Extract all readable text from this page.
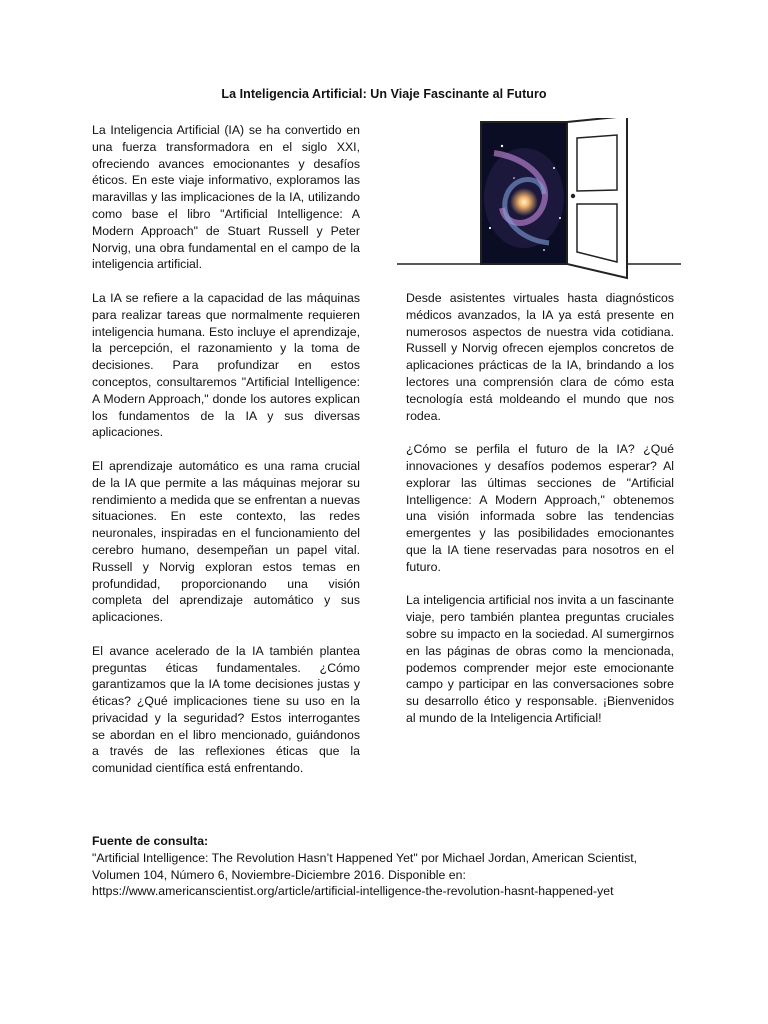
La Inteligencia Artificial: Un Viaje Fascinante al Futuro

La Inteligencia Artificial (IA) se ha convertido en una fuerza transformadora en el siglo XXI, ofreciendo avances emocionantes y desafíos éticos. En este viaje informativo, exploramos las maravillas y las implicaciones de la IA, utilizando como base el libro "Artificial Intelligence: A Modern Approach" de Stuart Russell y Peter Norvig, una obra fundamental en el campo de la inteligencia artificial.

La IA se refiere a la capacidad de las máquinas para realizar tareas que normalmente requieren inteligencia humana. Esto incluye el aprendizaje, la percepción, el razonamiento y la toma de decisiones. Para profundizar en estos conceptos, consultaremos "Artificial Intelligence: A Modern Approach," donde los autores explican los fundamentos de la IA y sus diversas aplicaciones.

El aprendizaje automático es una rama crucial de la IA que permite a las máquinas mejorar su rendimiento a medida que se enfrentan a nuevas situaciones. En este contexto, las redes neuronales, inspiradas en el funcionamiento del cerebro humano, desempeñan un papel vital. Russell y Norvig exploran estos temas en profundidad, proporcionando una visión completa del aprendizaje automático y sus aplicaciones.

El avance acelerado de la IA también plantea preguntas éticas fundamentales. ¿Cómo garantizamos que la IA tome decisiones justas y éticas? ¿Qué implicaciones tiene su uso en la privacidad y la seguridad? Estos interrogantes se abordan en el libro mencionado, guiándonos a través de las reflexiones éticas que la comunidad científica está enfrentando.

Desde asistentes virtuales hasta diagnósticos médicos avanzados, la IA ya está presente en numerosos aspectos de nuestra vida cotidiana. Russell y Norvig ofrecen ejemplos concretos de aplicaciones prácticas de la IA, brindando a los lectores una comprensión clara de cómo esta tecnología está moldeando el mundo que nos rodea.

¿Cómo se perfila el futuro de la IA? ¿Qué innovaciones y desafíos podemos esperar? Al explorar las últimas secciones de "Artificial Intelligence: A Modern Approach," obtenemos una visión informada sobre las tendencias emergentes y las posibilidades emocionantes que la IA tiene reservadas para nosotros en el futuro.

La inteligencia artificial nos invita a un fascinante viaje, pero también plantea preguntas cruciales sobre su impacto en la sociedad. Al sumergirnos en las páginas de obras como la mencionada, podemos comprender mejor este emocionante campo y participar en las conversaciones sobre su desarrollo ético y responsable. ¡Bienvenidos al mundo de la Inteligencia Artificial!

Fuente de consulta:
"Artificial Intelligence: The Revolution Hasn’t Happened Yet" por Michael Jordan, American Scientist, Volumen 104, Número 6, Noviembre-Diciembre 2016. Disponible en:
https://www.americanscientist.org/article/artificial-intelligence-the-revolution-hasnt-happened-yet
